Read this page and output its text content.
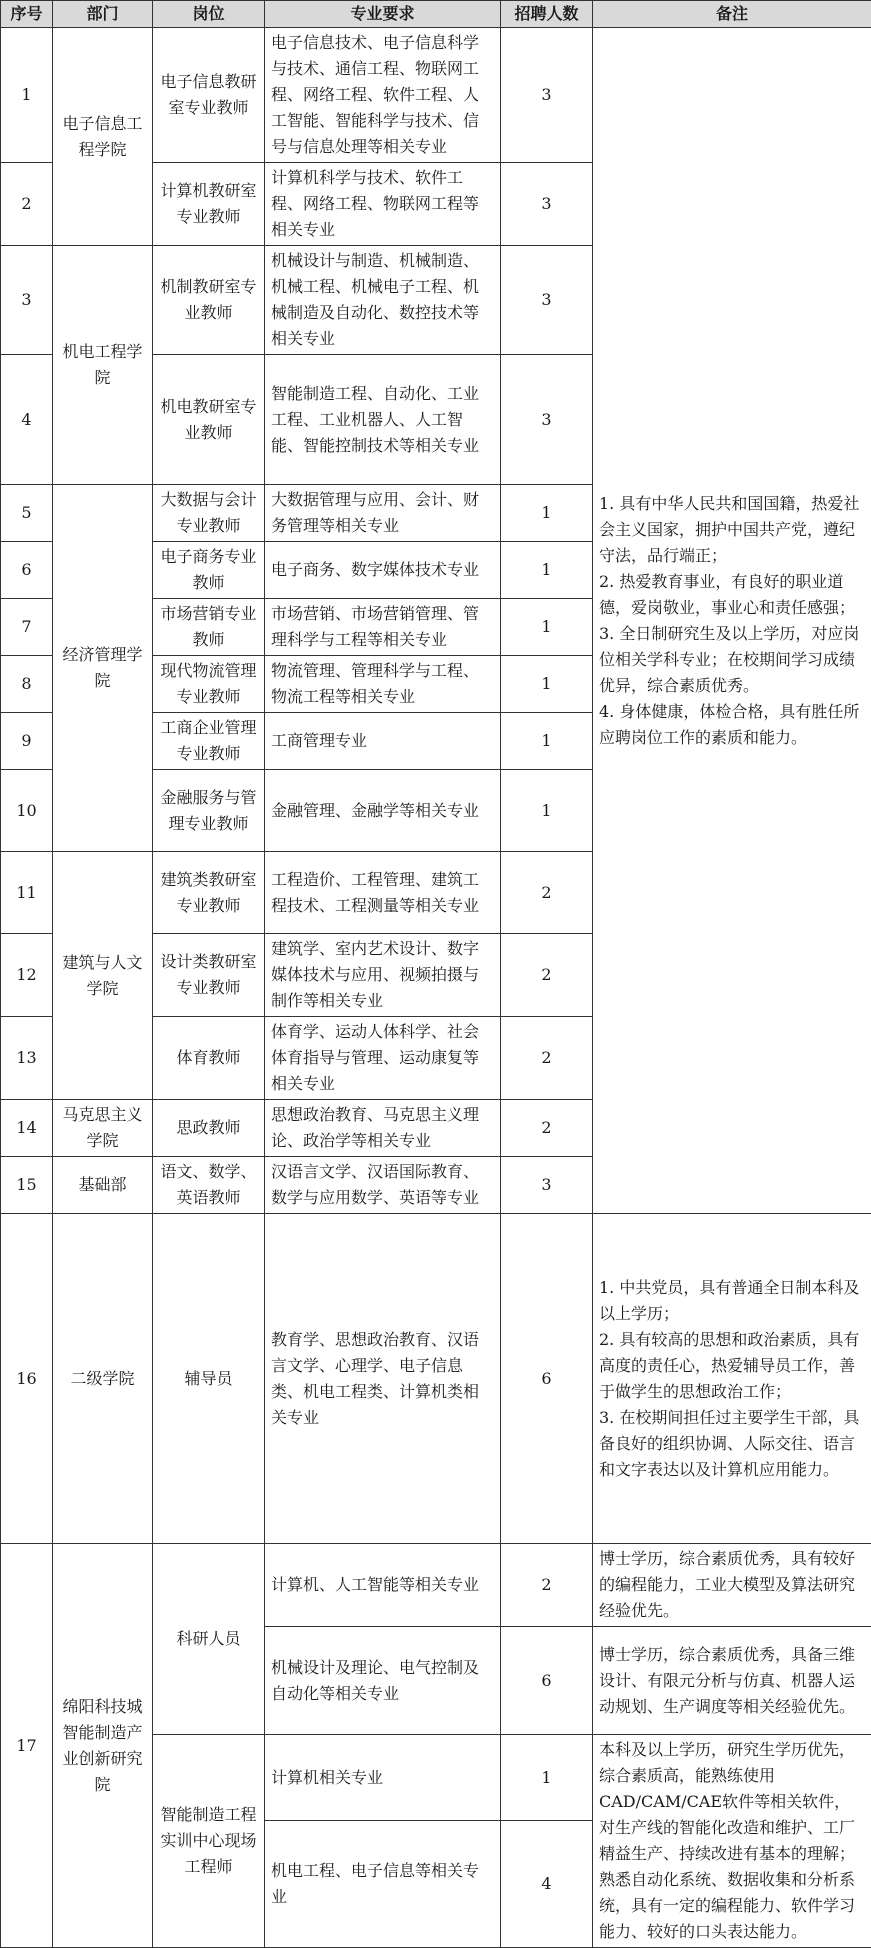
序号	部门	岗位	专业要求	招聘人数	备注
1	电子信息工程学院	电子信息教研室专业教师	电子信息技术、电子信息科学与技术、通信工程、物联网工程、网络工程、软件工程、人工智能、智能科学与技术、信号与信息处理等相关专业	3	1. 具有中华人民共和国国籍，热爱社会主义国家，拥护中国共产党，遵纪守法，品行端正；

2. 热爱教育事业，有良好的职业道德，爱岗敬业，事业心和责任感强；

3. 全日制研究生及以上学历，对应岗位相关学科专业；在校期间学习成绩优异，综合素质优秀。

4. 身体健康，体检合格，具有胜任所应聘岗位工作的素质和能力。

2		计算机教研室专业教师	计算机科学与技术、软件工程、网络工程、物联网工程等相关专业	3	
3	机电工程学院	机制教研室专业教师	机械设计与制造、机械制造、机械工程、机械电子工程、机械制造及自动化、数控技术等相关专业	3	
4		机电教研室专业教师	智能制造工程、自动化、工业工程、工业机器人、人工智能、智能控制技术等相关专业	3	
5	经济管理学院	大数据与会计专业教师	大数据管理与应用、会计、财务管理等相关专业	1	
6		电子商务专业教师	电子商务、数字媒体技术专业	1	
7		市场营销专业教师	市场营销、市场营销管理、管理科学与工程等相关专业	1	
8		现代物流管理专业教师	物流管理、管理科学与工程、物流工程等相关专业	1	
9		工商企业管理专业教师	工商管理专业	1	
10		金融服务与管理专业教师	金融管理、金融学等相关专业	1	
11	建筑与人文学院	建筑类教研室专业教师	工程造价、工程管理、建筑工程技术、工程测量等相关专业	2	
12		设计类教研室专业教师	建筑学、室内艺术设计、数字媒体技术与应用、视频拍摄与制作等相关专业	2	
13		体育教师	体育学、运动人体科学、社会体育指导与管理、运动康复等相关专业	2	
14	马克思主义学院	思政教师	思想政治教育、马克思主义理论、政治学等相关专业	2	
15	基础部	语文、数学、英语教师	汉语言文学、汉语国际教育、数学与应用数学、英语等专业	3	
16	二级学院	辅导员	教育学、思想政治教育、汉语言文学、心理学、电子信息类、机电工程类、计算机类相关专业	6	1. 中共党员，具有普通全日制本科及以上学历；

2. 具有较高的思想和政治素质，具有高度的责任心，热爱辅导员工作，善于做学生的思想政治工作；

3. 在校期间担任过主要学生干部，具备良好的组织协调、人际交往、语言和文字表达以及计算机应用能力。

17	绵阳科技城智能制造产业创新研究院	科研人员	计算机、人工智能等相关专业	2	博士学历，综合素质优秀，具有较好的编程能力，工业大模型及算法研究经验优先。
			机械设计及理论、电气控制及自动化等相关专业	6	博士学历，综合素质优秀，具备三维设计、有限元分析与仿真、机器人运动规划、生产调度等相关经验优先。
		智能制造工程实训中心现场工程师	计算机相关专业	1	本科及以上学历，研究生学历优先，综合素质高，能熟练使用CAD/CAM/CAE软件等相关软件，对生产线的智能化改造和维护、工厂精益生产、持续改进有基本的理解；熟悉自动化系统、数据收集和分析系统，具有一定的编程能力、软件学习能力、较好的口头表达能力。
			机电工程、电子信息等相关专业	4	
